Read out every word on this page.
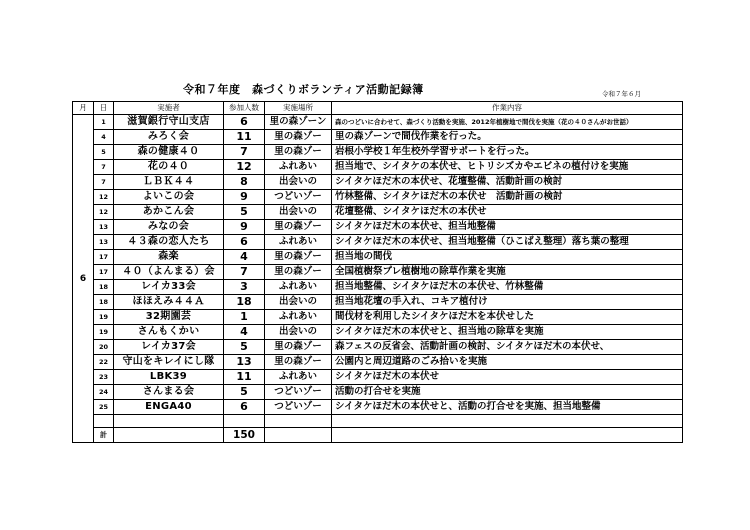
令和７年度　森づくりボランティア活動記録簿	令和７年６月
月	日	実施者	参加人数	実施場所	作業内容
6	1	滋賀銀行守山支店	6	里の森ゾーン	森のつどいに合わせて、森づくり活動を実施、2012年植樹地で間伐を実施（花の４０さんがお世話）
	4	みろく会	11	里の森ゾー	里の森ゾーンで間伐作業を行った。
	5	森の健康４０	7	里の森ゾー	岩根小学校１年生校外学習サポートを行った。
	7	花の４０	12	ふれあい	担当地で、シイタケの本伏せ、ヒトリシズカやエビネの植付けを実施
	7	ＬＢＫ４４	8	出会いの	シイタケほだ木の本伏せ、花壇整備、活動計画の検討
	12	よいこの会	9	つどいゾー	竹林整備、シイタケほだ木の本伏せ　活動計画の検討
	12	あかこん会	5	出会いの	花壇整備、シイタケほだ木の本伏せ
	13	みなの会	9	里の森ゾー	シイタケほだ木の本伏せ、担当地整備
	13	４３森の恋人たち	6	ふれあい	シイタケほだ木の本伏せ、担当地整備（ひこばえ整理）落ち葉の整理
	17	森楽	4	里の森ゾー	担当地の間伐
	17	４０（よんまる）会	7	里の森ゾー	全国植樹祭プレ植樹地の除草作業を実施
	18	レイカ33会	3	ふれあい	担当地整備、シイタケほだ木の本伏せ、竹林整備
	18	ほほえみ４４Ａ	18	出会いの	担当地花壇の手入れ、コキア植付け
	19	32期園芸	1	ふれあい	間伐材を利用したシイタケほだ木を本伏せした
	19	さんもくかい	4	出会いの	シイタケほだ木の本伏せと、担当地の除草を実施
	20	レイカ37会	5	里の森ゾー	森フェスの反省会、活動計画の検討、シイタケほだ木の本伏せ、
	22	守山をキレイにし隊	13	里の森ゾー	公園内と周辺道路のごみ拾いを実施
	23	LBK39	11	ふれあい	シイタケほだ木の本伏せ
	24	さんまる会	5	つどいゾー	活動の打合せを実施
	25	ENGA40	6	つどいゾー	シイタケほだ木の本伏せと、活動の打合せを実施、担当地整備

	計		150		
